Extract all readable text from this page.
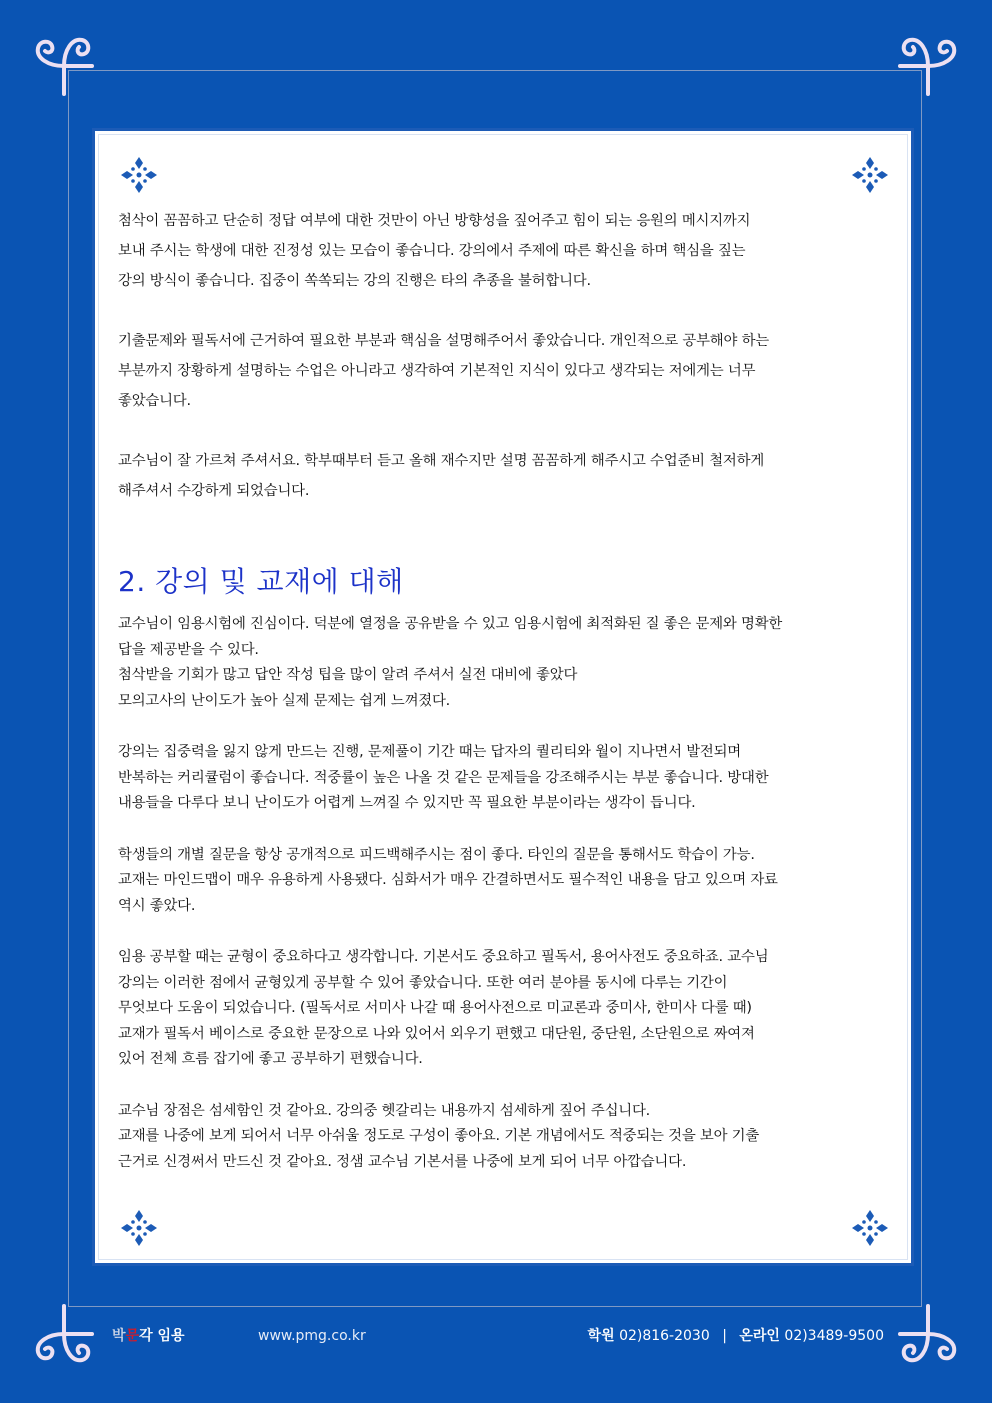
첨삭이 꼼꼼하고 단순히 정답 여부에 대한 것만이 아닌 방향성을 짚어주고 힘이 되는 응원의 메시지까지
보내 주시는 학생에 대한 진정성 있는 모습이 좋습니다. 강의에서 주제에 따른 확신을 하며 핵심을 짚는
강의 방식이 좋습니다. 집중이 쏙쏙되는 강의 진행은 타의 추종을 불허합니다.

기출문제와 필독서에 근거하여 필요한 부분과 핵심을 설명해주어서 좋았습니다. 개인적으로 공부해야 하는
부분까지 장황하게 설명하는 수업은 아니라고 생각하여 기본적인 지식이 있다고 생각되는 저에게는 너무
좋았습니다.

교수님이 잘 가르쳐 주셔서요. 학부때부터 듣고 올해 재수지만 설명 꼼꼼하게 해주시고 수업준비 철저하게
해주셔서 수강하게 되었습니다.

2. 강의 및 교재에 대해

교수님이 임용시험에 진심이다. 덕분에 열정을 공유받을 수 있고 임용시험에 최적화된 질 좋은 문제와 명확한
답을 제공받을 수 있다.
첨삭받을 기회가 많고 답안 작성 팁을 많이 알려 주셔서 실전 대비에 좋았다
모의고사의 난이도가 높아 실제 문제는 쉽게 느껴졌다.

강의는 집중력을 잃지 않게 만드는 진행, 문제풀이 기간 때는 답자의 퀄리티와 월이 지나면서 발전되며
반복하는 커리큘럼이 좋습니다. 적중률이 높은 나올 것 같은 문제들을 강조해주시는 부분 좋습니다. 방대한
내용들을 다루다 보니 난이도가 어렵게 느껴질 수 있지만 꼭 필요한 부분이라는 생각이 듭니다.

학생들의 개별 질문을 항상 공개적으로 피드백해주시는 점이 좋다. 타인의 질문을 통해서도 학습이 가능.
교재는 마인드맵이 매우 유용하게 사용됐다. 심화서가 매우 간결하면서도 필수적인 내용을 담고 있으며 자료
역시 좋았다.

임용 공부할 때는 균형이 중요하다고 생각합니다. 기본서도 중요하고 필독서, 용어사전도 중요하죠. 교수님
강의는 이러한 점에서 균형있게 공부할 수 있어 좋았습니다. 또한 여러 분야를 동시에 다루는 기간이
무엇보다 도움이 되었습니다. (필독서로 서미사 나갈 때 용어사전으로 미교론과 중미사, 한미사 다룰 때)
교재가 필독서 베이스로 중요한 문장으로 나와 있어서 외우기 편했고 대단원, 중단원, 소단원으로 짜여져
있어 전체 흐름 잡기에 좋고 공부하기 편했습니다.

교수님 장점은 섬세함인 것 같아요. 강의중 헷갈리는 내용까지 섬세하게 짚어 주십니다.
교재를 나중에 보게 되어서 너무 아쉬울 정도로 구성이 좋아요. 기본 개념에서도 적중되는 것을 보아 기출
근거로 신경써서 만드신 것 같아요. 정샘 교수님 기본서를 나중에 보게 되어 너무 아깝습니다.

박문각 임용	www.pmg.co.kr	학원 02)816-2030 | 온라인 02)3489-9500
